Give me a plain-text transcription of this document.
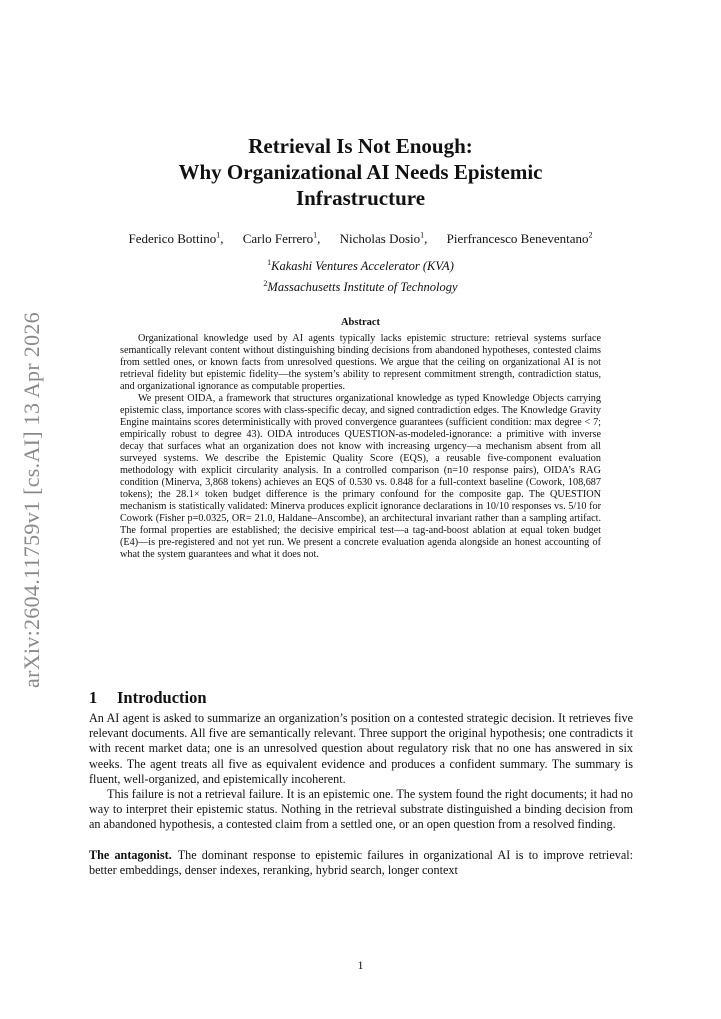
arXiv:2604.11759v1 [cs.AI] 13 Apr 2026
Retrieval Is Not Enough:
Why Organizational AI Needs Epistemic
Infrastructure
Federico Bottino$^1$, Carlo Ferrero$^1$, Nicholas Dosio$^1$, Pierfrancesco Beneventano$^2$
$^1$Kakashi Ventures Accelerator (KVA)
$^2$Massachusetts Institute of Technology
Abstract

Organizational knowledge used by AI agents typically lacks epistemic structure: retrieval systems surface semantically relevant content without distinguishing binding decisions from abandoned hypotheses, contested claims from settled ones, or known facts from unresolved questions. We argue that the ceiling on organizational AI is not retrieval fidelity but epistemic fidelity—the system’s ability to represent commitment strength, contradiction status, and organizational ignorance as computable properties.

We present OIDA, a framework that structures organizational knowledge as typed Knowledge Objects carrying epistemic class, importance scores with class-specific decay, and signed contradiction edges. The Knowledge Gravity Engine maintains scores deterministically with proved convergence guarantees (sufficient condition: max degree < 7; empirically robust to degree 43). OIDA introduces QUESTION-as-modeled-ignorance: a primitive with inverse decay that surfaces what an organization does not know with increasing urgency—a mechanism absent from all surveyed systems. We describe the Epistemic Quality Score (EQS), a reusable five-component evaluation methodology with explicit circularity analysis. In a controlled comparison (n=10 response pairs), OIDA’s RAG condition (Minerva, 3,868 tokens) achieves an EQS of 0.530 vs. 0.848 for a full-context baseline (Cowork, 108,687 tokens); the 28.1× token budget difference is the primary confound for the composite gap. The QUESTION mechanism is statistically validated: Minerva produces explicit ignorance declarations in 10/10 responses vs. 5/10 for Cowork (Fisher p=0.0325, OR= 21.0, Haldane–Anscombe), an architectural invariant rather than a sampling artifact. The formal properties are established; the decisive empirical test—a tag-and-boost ablation at equal token budget (E4)—is pre-registered and not yet run. We present a concrete evaluation agenda alongside an honest accounting of what the system guarantees and what it does not.

1 Introduction

An AI agent is asked to summarize an organization’s position on a contested strategic decision. It retrieves five relevant documents. All five are semantically relevant. Three support the original hypothesis; one contradicts it with recent market data; one is an unresolved question about regulatory risk that no one has answered in six weeks. The agent treats all five as equivalent evidence and produces a confident summary. The summary is fluent, well-organized, and epistemically incoherent.

This failure is not a retrieval failure. It is an epistemic one. The system found the right documents; it had no way to interpret their epistemic status. Nothing in the retrieval substrate distinguished a binding decision from an abandoned hypothesis, a contested claim from a settled one, or an open question from a resolved finding.

The antagonist. The dominant response to epistemic failures in organizational AI is to improve retrieval: better embeddings, denser indexes, reranking, hybrid search, longer context

1
